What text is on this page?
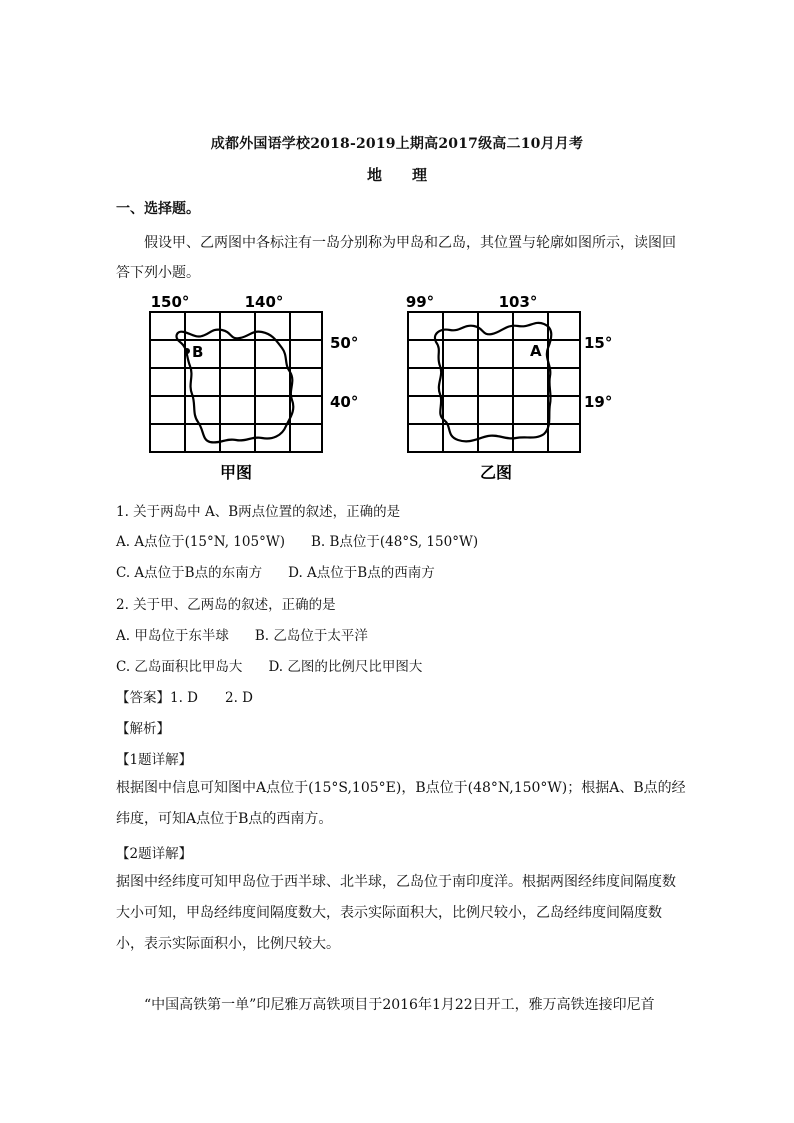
成都外国语学校2018-2019上期高2017级高二10月月考
地　　理
一、选择题。
假设甲、乙两图中各标注有一岛分别称为甲岛和乙岛，其位置与轮廓如图所示，读图回答下列小题。
150°	140°
B	50°
40°
甲图
99°	103°
A	15°
19°
乙图
1. 关于两岛中 A、B两点位置的叙述，正确的是
A. A点位于(15°N, 105°W) B. B点位于(48°S, 150°W)
C. A点位于B点的东南方 D. A点位于B点的西南方
2. 关于甲、乙两岛的叙述，正确的是
A. 甲岛位于东半球 B. 乙岛位于太平洋
C. 乙岛面积比甲岛大 D. 乙图的比例尺比甲图大
【答案】1. D　　2. D
【解析】
【1题详解】
根据图中信息可知图中A点位于(15°S,105°E)，B点位于(48°N,150°W)；根据A、B点的经纬度，可知A点位于B点的西南方。
【2题详解】
据图中经纬度可知甲岛位于西半球、北半球，乙岛位于南印度洋。根据两图经纬度间隔度数大小可知，甲岛经纬度间隔度数大，表示实际面积大，比例尺较小，乙岛经纬度间隔度数小，表示实际面积小，比例尺较大。
“中国高铁第一单”印尼雅万高铁项目于2016年1月22日开工，雅万高铁连接印尼首
